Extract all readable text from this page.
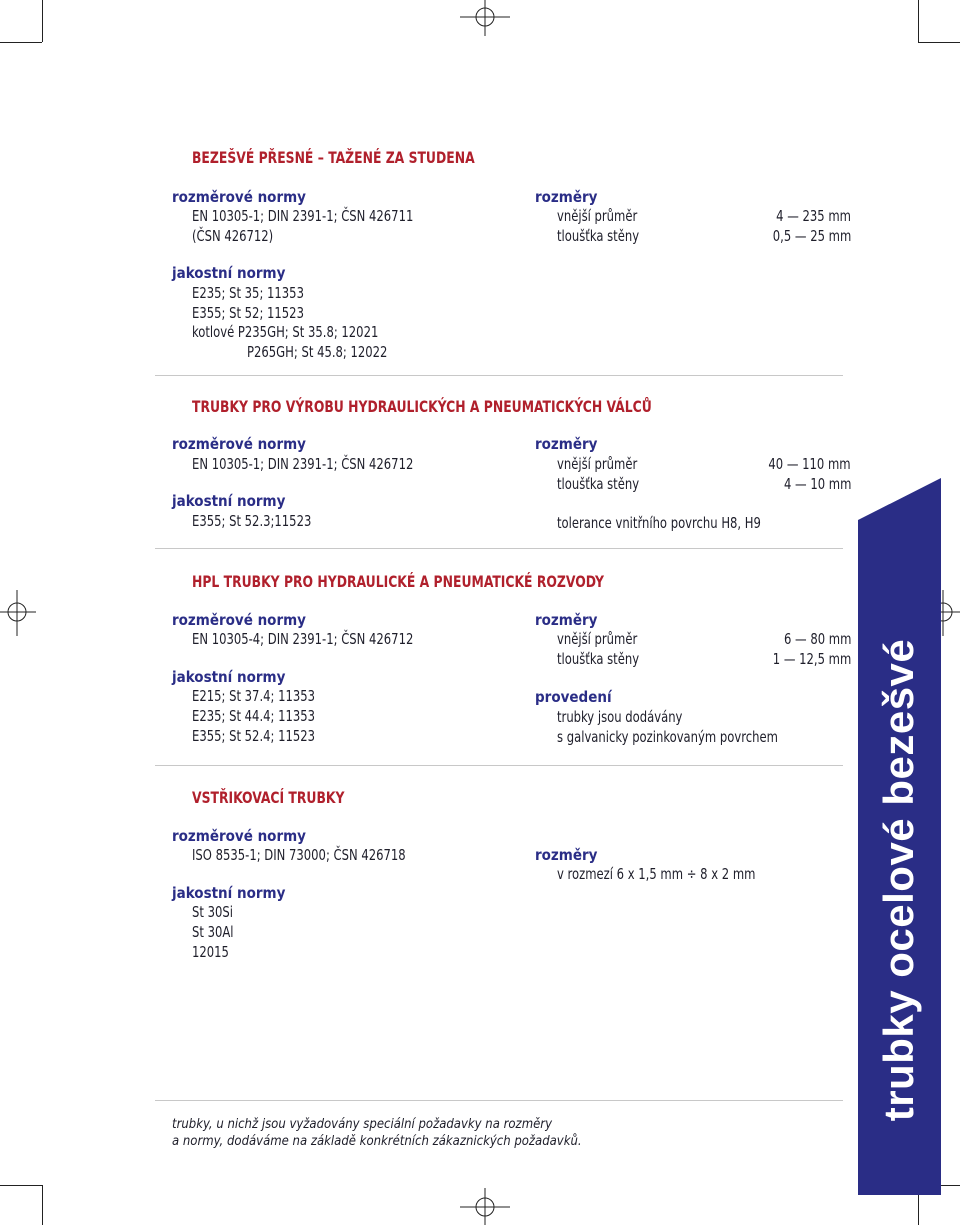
BEZEŠVÉ PŘESNÉ – TAŽENÉ ZA STUDENA
rozměrové normy
EN 10305-1; DIN 2391-1; ČSN 426711
(ČSN 426712)
jakostní normy
E235; St 35; 11353
E355; St 52; 11523
kotlové P235GH; St 35.8; 12021
P265GH; St 45.8; 12022
rozměry
vnější průměr	4 — 235 mm
tloušťka stěny	0,5 — 25 mm
TRUBKY PRO VÝROBU HYDRAULICKÝCH A PNEUMATICKÝCH VÁLCŮ
rozměrové normy
EN 10305-1; DIN 2391-1; ČSN 426712
jakostní normy
E355; St 52.3;11523
rozměry
vnější průměr	40 — 110 mm
tloušťka stěny	4 — 10 mm
tolerance vnitřního povrchu H8, H9
HPL TRUBKY PRO HYDRAULICKÉ A PNEUMATICKÉ ROZVODY
rozměrové normy
EN 10305-4; DIN 2391-1; ČSN 426712
jakostní normy
E215; St 37.4; 11353
E235; St 44.4; 11353
E355; St 52.4; 11523
rozměry
vnější průměr	6 — 80 mm
tloušťka stěny	1 — 12,5 mm
provedení
trubky jsou dodávány
s galvanicky pozinkovaným povrchem
VSTŘIKOVACÍ TRUBKY
rozměrové normy
ISO 8535-1; DIN 73000; ČSN 426718
jakostní normy
St 30Si
St 30Al
12015
rozměry
v rozmezí 6 x 1,5 mm ÷ 8 x 2 mm
trubky, u nichž jsou vyžadovány speciální požadavky na rozměry
a normy, dodáváme na základě konkrétních zákaznických požadavků.
trubky ocelové bezešvé
